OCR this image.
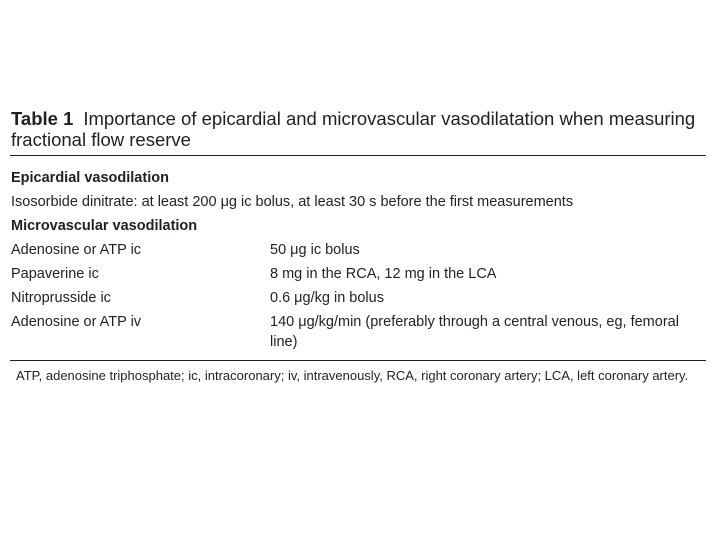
Table 1 Importance of epicardial and microvascular vasodilatation when measuring fractional flow reserve
Epicardial vasodilation
Isosorbide dinitrate: at least 200 μg ic bolus, at least 30 s before the first measurements
Microvascular vasodilation
Adenosine or ATP ic	50 μg ic bolus
Papaverine ic	8 mg in the RCA, 12 mg in the LCA
Nitroprusside ic	0.6 μg/kg in bolus
Adenosine or ATP iv	140 μg/kg/min (preferably through a central venous, eg, femoral line)
ATP, adenosine triphosphate; ic, intracoronary; iv, intravenously, RCA, right coronary artery; LCA, left coronary artery.
